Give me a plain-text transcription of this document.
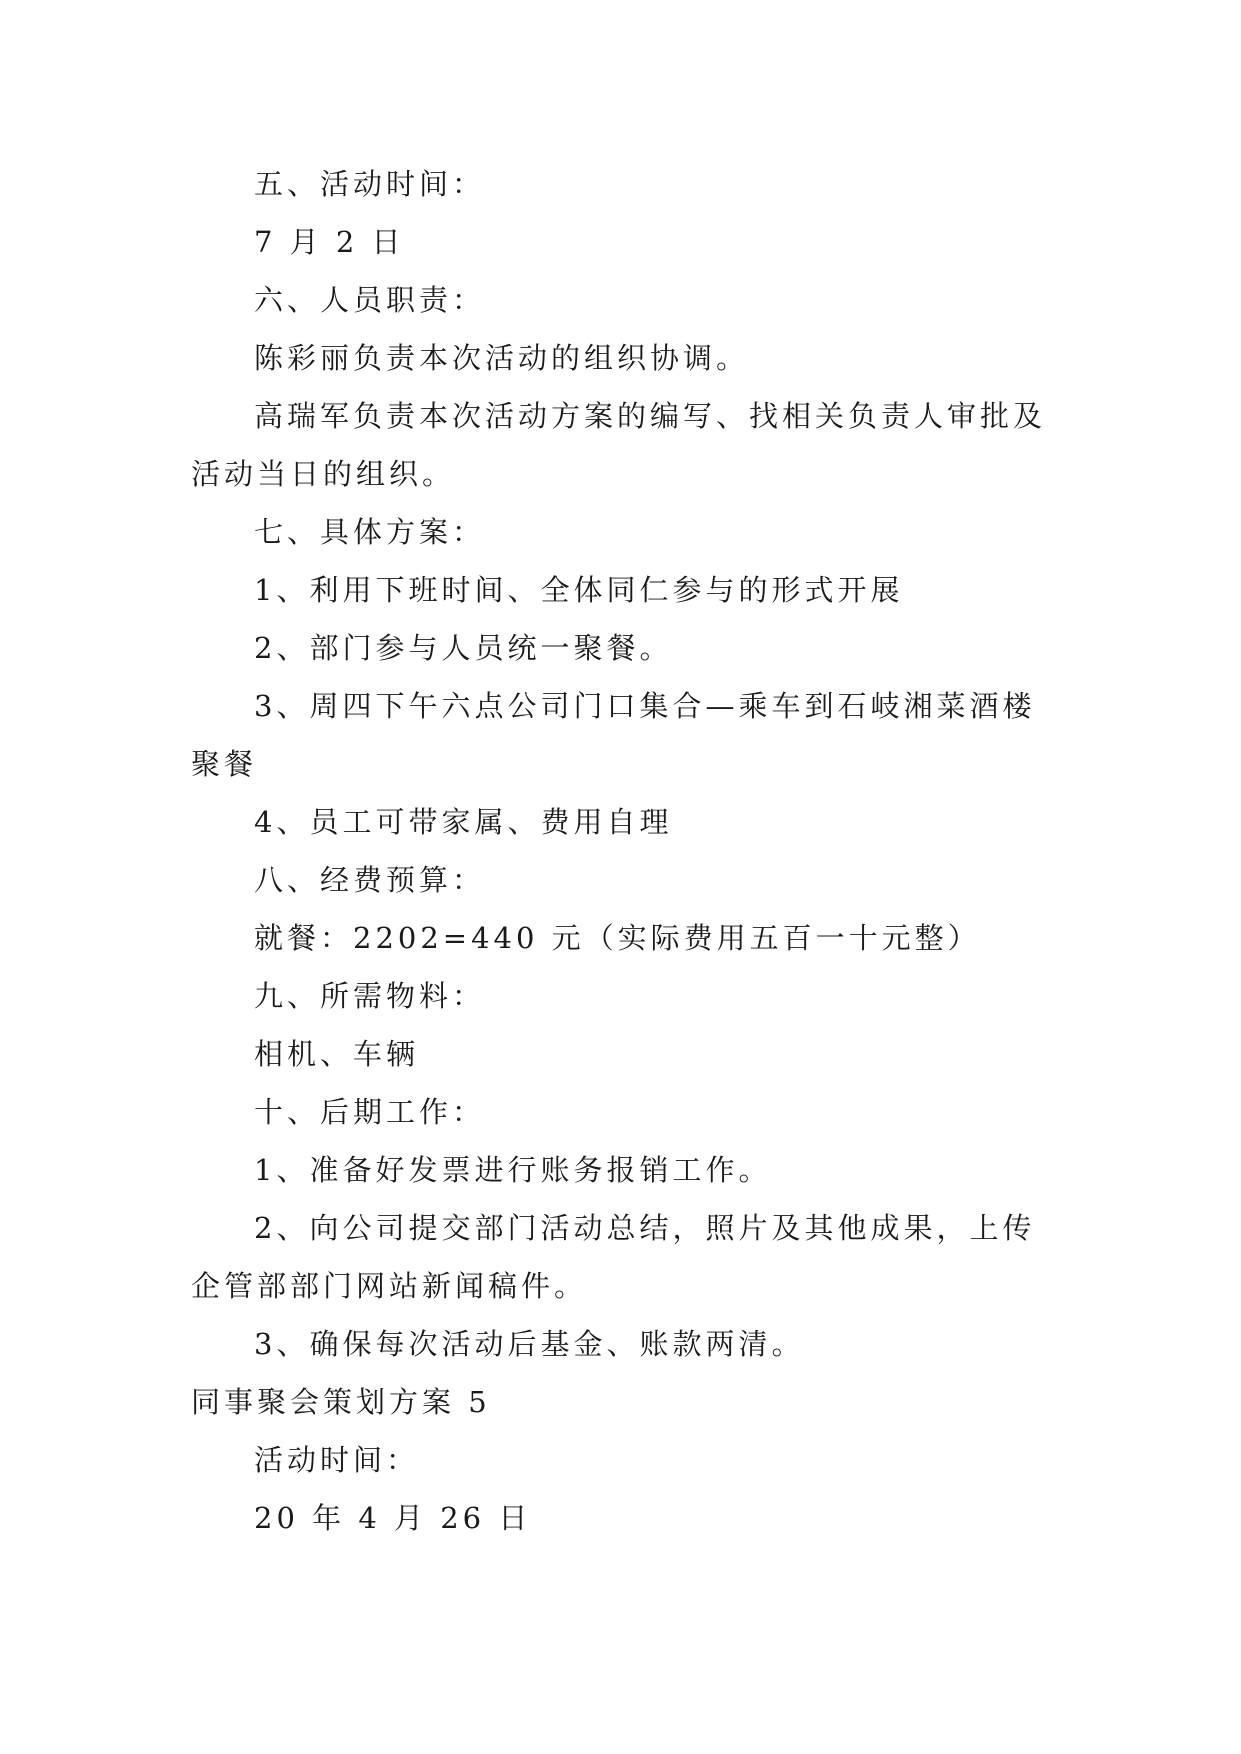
五、活动时间：
7 月 2 日
六、人员职责：
陈彩丽负责本次活动的组织协调。
高瑞军负责本次活动方案的编写、找相关负责人审批及
活动当日的组织。
七、具体方案：
1、利用下班时间、全体同仁参与的形式开展
2、部门参与人员统一聚餐。
3、周四下午六点公司门口集合—乘车到石岐湘菜酒楼
聚餐
4、员工可带家属、费用自理
八、经费预算：
就餐：2202=440 元（实际费用五百一十元整）
九、所需物料：
相机、车辆
十、后期工作：
1、准备好发票进行账务报销工作。
2、向公司提交部门活动总结，照片及其他成果，上传
企管部部门网站新闻稿件。
3、确保每次活动后基金、账款两清。
同事聚会策划方案 5
活动时间：
20 年 4 月 26 日
